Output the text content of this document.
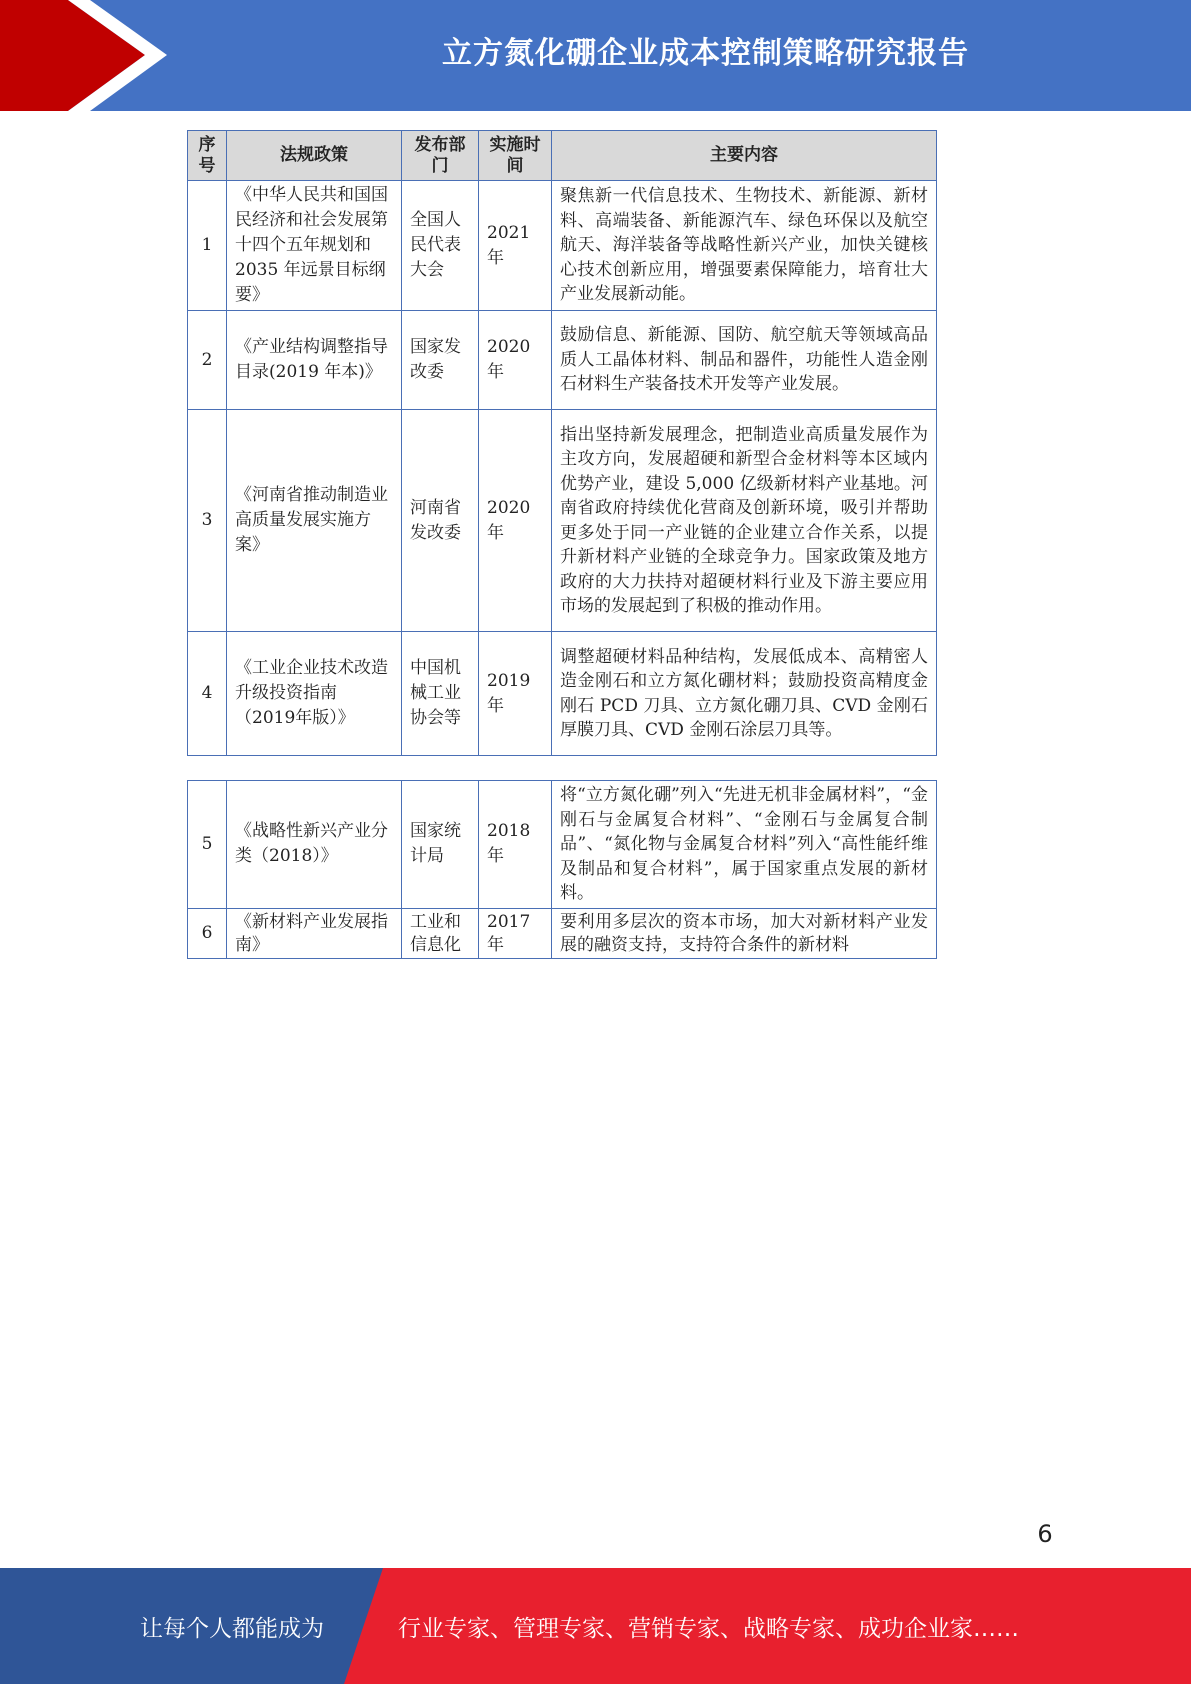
立方氮化硼企业成本控制策略研究报告
序号	法规政策	发布部门	实施时间	主要内容
1	《中华人民共和国国民经济和社会发展第十四个五年规划和 2035 年远景目标纲要》	全国人民代表大会	2021年	聚焦新一代信息技术、生物技术、新能源、新材料、高端装备、新能源汽车、绿色环保以及航空航天、海洋装备等战略性新兴产业，加快关键核心技术创新应用，增强要素保障能力，培育壮大产业发展新动能。
2	《产业结构调整指导目录(2019 年本)》	国家发改委	2020年	鼓励信息、新能源、国防、航空航天等领域高品质人工晶体材料、制品和器件，功能性人造金刚石材料生产装备技术开发等产业发展。
3	《河南省推动制造业高质量发展实施方案》	河南省发改委	2020年	指出坚持新发展理念，把制造业高质量发展作为主攻方向，发展超硬和新型合金材料等本区域内优势产业，建设 5,000 亿级新材料产业基地。河南省政府持续优化营商及创新环境，吸引并帮助更多处于同一产业链的企业建立合作关系，以提升新材料产业链的全球竞争力。国家政策及地方政府的大力扶持对超硬材料行业及下游主要应用市场的发展起到了积极的推动作用。
4	《工业企业技术改造升级投资指南（2019年版）》	中国机械工业协会等	2019年	调整超硬材料品种结构，发展低成本、高精密人造金刚石和立方氮化硼材料；鼓励投资高精度金刚石 PCD 刀具、立方氮化硼刀具、CVD 金刚石厚膜刀具、CVD 金刚石涂层刀具等。
5	《战略性新兴产业分类（2018）》	国家统计局	2018年	将“立方氮化硼”列入“先进无机非金属材料”，“金刚石与金属复合材料”、“金刚石与金属复合制品”、“氮化物与金属复合材料”列入“高性能纤维及制品和复合材料”，属于国家重点发展的新材料。
6	《新材料产业发展指南》	工业和信息化	2017年	要利用多层次的资本市场，加大对新材料产业发展的融资支持，支持符合条件的新材料
6
让每个人都能成为	行业专家、管理专家、营销专家、战略专家、成功企业家……
